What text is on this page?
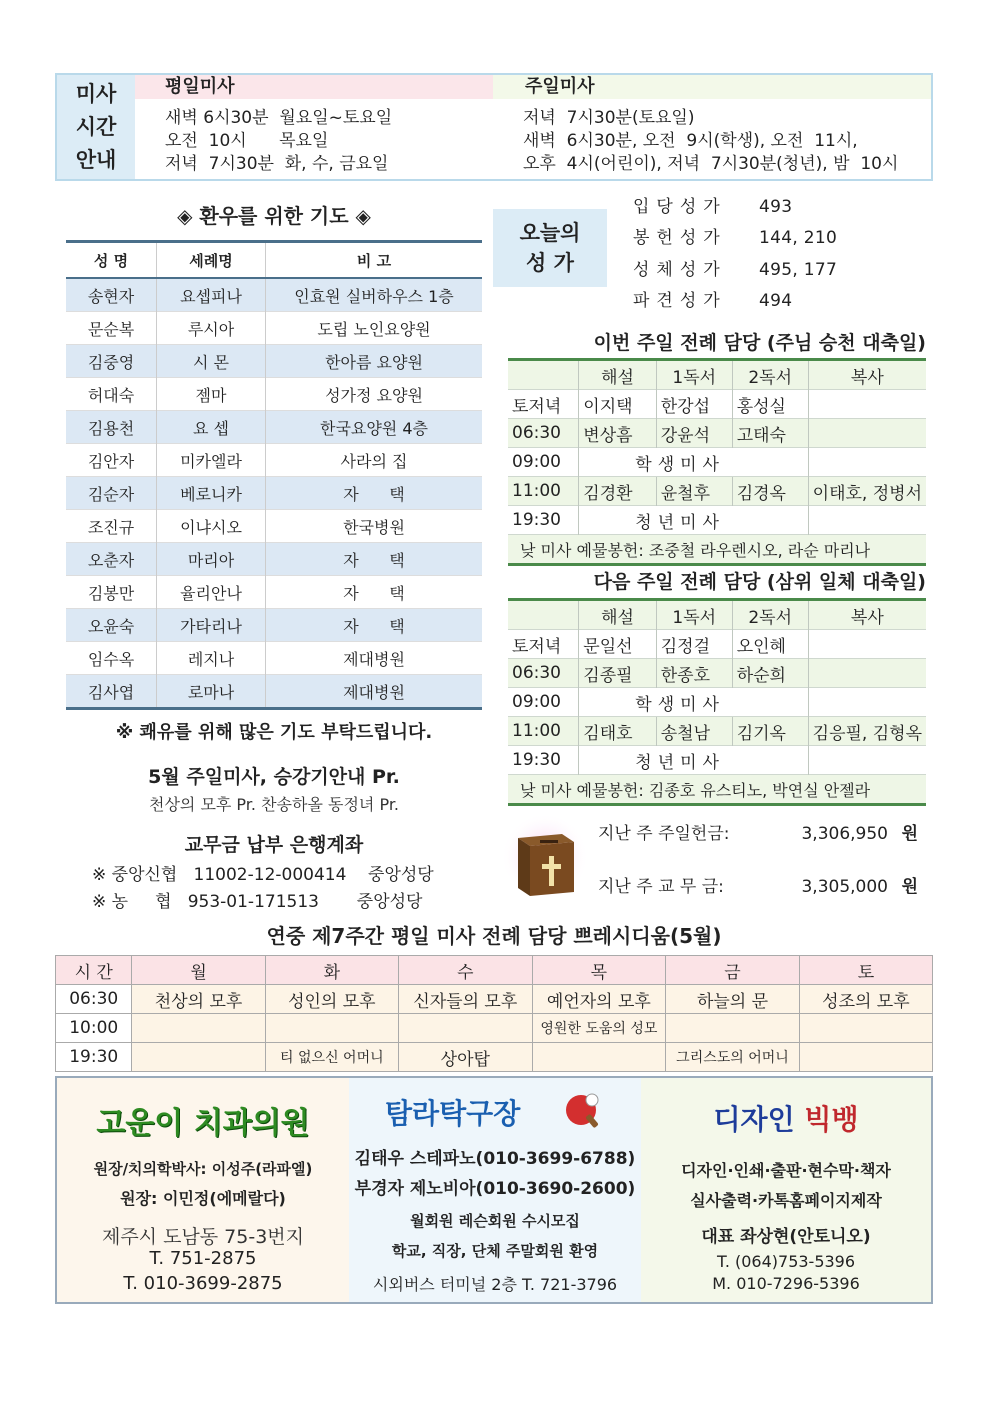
미사
시간
안내
평일미사	주일미사
새벽 6시30분  월요일~토요일
오전  10시      목요일
저녁  7시30분  화, 수, 금요일
저녁  7시30분(토요일)
새벽  6시30분, 오전  9시(학생), 오전  11시,
오후  4시(어린이), 저녁  7시30분(청년), 밤  10시
◈ 환우를 위한 기도 ◈
성 명	세례명	비 고
송현자	요셉피나	인효원 실버하우스 1층
문순복	루시아	도립 노인요양원
김중영	시 몬	한아름 요양원
허대숙	젬마	성가정 요양원
김용천	요 셉	한국요양원 4층
김안자	미카엘라	사라의 집
김순자	베로니카	자      택
조진규	이냐시오	한국병원
오춘자	마리아	자      택
김봉만	율리안나	자      택
오윤숙	가타리나	자      택
임수옥	레지나	제대병원
김사엽	로마나	제대병원
※ 쾌유를 위해 많은 기도 부탁드립니다.
5월 주일미사, 승강기안내 Pr.
천상의 모후 Pr. 찬송하올 동정녀 Pr.
교무금 납부 은행계좌
※ 중앙신협   11002-12-000414    중앙성당
※ 농     협   953-01-171513       중앙성당
오늘의
성 가
입당성가 493
봉헌성가 144, 210
성체성가 495, 177
파견성가 494
이번 주일 전례 담당 (주님 승천 대축일)
	해설	1독서	2독서	복사
토저녁	이지택	한강섭	홍성실	
06:30	변상흠	강윤석	고태숙	
09:00	학생미사			
11:00	김경환	윤철후	김경옥	이태호, 정병서
19:30	청년미사			
낮 미사 예물봉헌: 조중철 라우렌시오, 라순 마리나				
다음 주일 전례 담당 (삼위 일체 대축일)
	해설	1독서	2독서	복사
토저녁	문일선	김정걸	오인혜	
06:30	김종필	한종호	하순희	
09:00	학생미사			
11:00	김태호	송철남	김기옥	김응필, 김형옥
19:30	청년미사			
낮 미사 예물봉헌: 김종호 유스티노, 박연실 안젤라				
지난 주 주일헌금:	3,306,950 원
지난 주 교 무 금:	3,305,000 원
연중 제7주간 평일 미사 전례 담당 쁘레시디움(5월)
시 간	월	화	수	목	금	토
06:30	천상의 모후	성인의 모후	신자들의 모후	예언자의 모후	하늘의 문	성조의 모후
10:00				영원한 도움의 성모		
19:30		티 없으신 어머니	상아탑		그리스도의 어머니	
고운이 치과의원
원장/치의학박사: 이성주(라파엘)
원장: 이민정(에메랄다)
제주시 도남동 75-3번지
T. 751-2875
T. 010-3699-2875
탐라탁구장
김태우 스테파노(010-3699-6788)
부경자 제노비아(010-3690-2600)
월회원 레슨회원 수시모집
학교, 직장, 단체 주말회원 환영
시외버스 터미널 2층 T. 721-3796
디자인 빅뱅
디자인·인쇄·출판·현수막·책자
실사출력·카톡홈페이지제작
대표 좌상현(안토니오)
T. (064)753-5396
M. 010-7296-5396
